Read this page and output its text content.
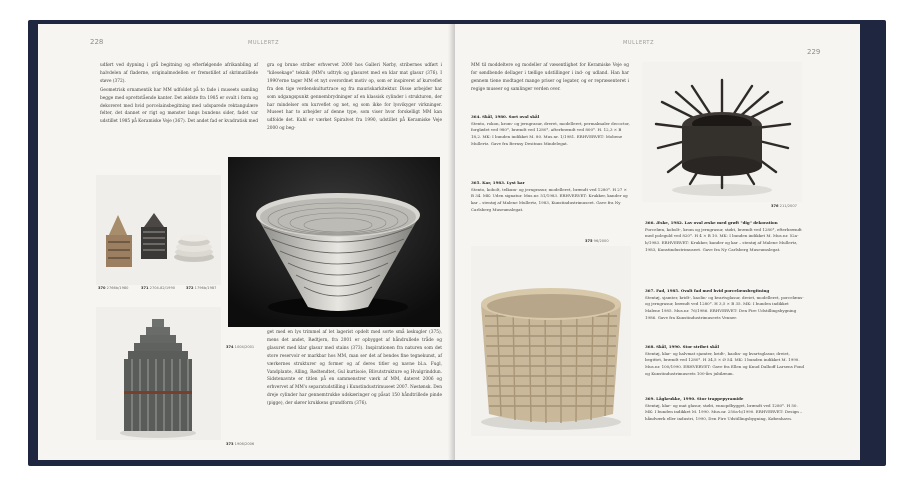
228	MULLERTZ

udført ved dypning i grå begitning og efterfølgende afrikanbling af halvdelen af fladerne, originalmodellen er fremstillet af skrimatillede støve (372).

Geometrisk ornamentik har MM udfoldet på to fade i museets samling begge med oprettstående kanter. Det ældste fra 1985 er ovalt i form og dekoreret med hvid porcelainsbegitning med udsparede rektangulære felter, det dannet er rigt og mønster langs bundens sider, fadet var udstillet 1985 på Keramiske Veje (367). Det andet fad er kvadratisk med

gra og brune striber erhvervet 2000 hos Galleri Nørby, stribernes udført i "kilesekage" teknik (MM's udtryk og glasuret med en klar mat glasur (376). I 1990'erne tager MM et nyt overordnet motiv op, som er inspireret af kurveflet fra den tige verdenskulturtrace og fra mauriskarkitektur. Disse arbejder har som udgangspunkt gennembrydninger af en klassisk cylinder i strukturen, der har mindelser om kurveflet og net, og som ikke for lysvikyger virkninger. Museet har to arbejder af denne type, som viser hvor forskelligt MM kan udfolde det. Kuhl er værket Spiralvet fra 1990, udstillet på Keramiske Veje 2000 og beg-

370 2766b/1980	371 2704-82/1990	372 1796b/1987
374 1004/2001
373 1906/2006

get med en lys trimmel af let lagerist opdelt med sorte små løskugler (375), mens det andet, Rødtjern, fra 2001 er opbygget af håndrullede tråde og glasuret med klar glasur med stains (373). Inspirationen fra naturen som det store reservoir er markbar hos MM, man ser det af bendes fine tegnekunst, af værkernes strukturer og former og af deres titler og navne bl.a. Fugl, Vandplante, Alling, Rødtendtet, Gul kurtisoie, Blivutstrukture og Hvalgrinddun. Sidstenavnte er titlen på en sammenstrer værk af MM, dateret 2006 og erhvervet af MM's separatudstilling i Kunstindustrimuseet 2007. Nøstønsk. Den dreje cylinder har gennemtrukke udskæringer og påsat 150 håndtrillede pinde (pigge), der slører krukkens grundform (376).

MULLERTZ
229

MM til moddeltere og modeller af væsentlighet for Keramiske Veje og for søndbende dellager i tællige udstillinger i ind- og udland. Han har gennem tiene modtaget mange priser og legater, og er repræsenteret i regige museer og samlinger verden over.

364. Skål, 1980. Sort oval skål

Stento, rokon, krom- og jerngrasur, dreret, modelleret, permalmaler decoctor, forglødet ved 980°, brændt ved 1280°, afterbrændt ved 800°. H. 12,3 × B 18,2. MK: I bunden indikket M. 80. Mus.nr. 1/1981. ERHVERVET: Mobene Mullertz. Gave fra Bernsy Desitnus Mindelegat.

365. Kar, 1983. Lyst kar

Stento, kobolt, telkum- og jerngrasur, modelleret, brændt ved 1280°. H 27 × B 34. MK: Uden signatur. Mus.nr. 51/1983. ERHVERVET: Krukker, kander og kar – stentøj af Malene Mullertz, 1983, Kunstindustrimuseet. Gave fra Ny Carlsberg Museumslegat.

375 96/2000
376 211/2007

366. Æske, 1982. Lav oval æske med grøft "dig" dekoration

Porcelæn, kobolt-, krom og jerngrasur, støbt, brændt ved 1280°, efterbrændt med poleguld ved 820°. H 4 × B 10. MK: I bunden indikket M. Mus.nr. 52a-b/1983. ERHVERVET: Krukker, kander og kar – stentøj af Malene Mullertz, 1983, Kunstindustrimuseet. Gave fra Ny Carlsberg Museumslegat.

367. Fad, 1985. Ovalt fad med hvid porcelænsbegitning

Stentøj, sjamter, kridt-, kaolin- og kvartsglasur, dreiet, modelleret, porcelæns- og jerngrasur, brændt ved 1280°. H 3,5 × B 35. MK: I bunden indikket Malene 1985. Mus.nr. 76/1986. ERHVERVET: Den Fire Udstillingsbygning 1986. Gave fra Kunstindustrimuseets Venner.

368. Skål, 1990. Stor stribet skål

Stentøj, klar- og halvmat sjamter, kridt-, kaolin- og kvartsglasur, dreiet, begittet, brændt ved 1280°. H 34,5 × Ø 54. MK: I bunden indikket M. 1990. Mus.nr. 100/1990. ERHVERVET: Gave fra Ellen og Knud Dalhoff Larsens Fond og Kunstindustrimuseets 100-års jubilæum.

369. Lågkrukke, 1990. Stor trappepyramide

Stentøj, klar- og mat glasur, støbt, ennopdbygget, brændt ved 1280°. H 50. MK: I bunden indikket M. 1990. Mus.nr. 250a-b/1990. ERHVERVET: Design – håndværk eller industri, 1990, Den Fire Udstillingsbygning, København.
